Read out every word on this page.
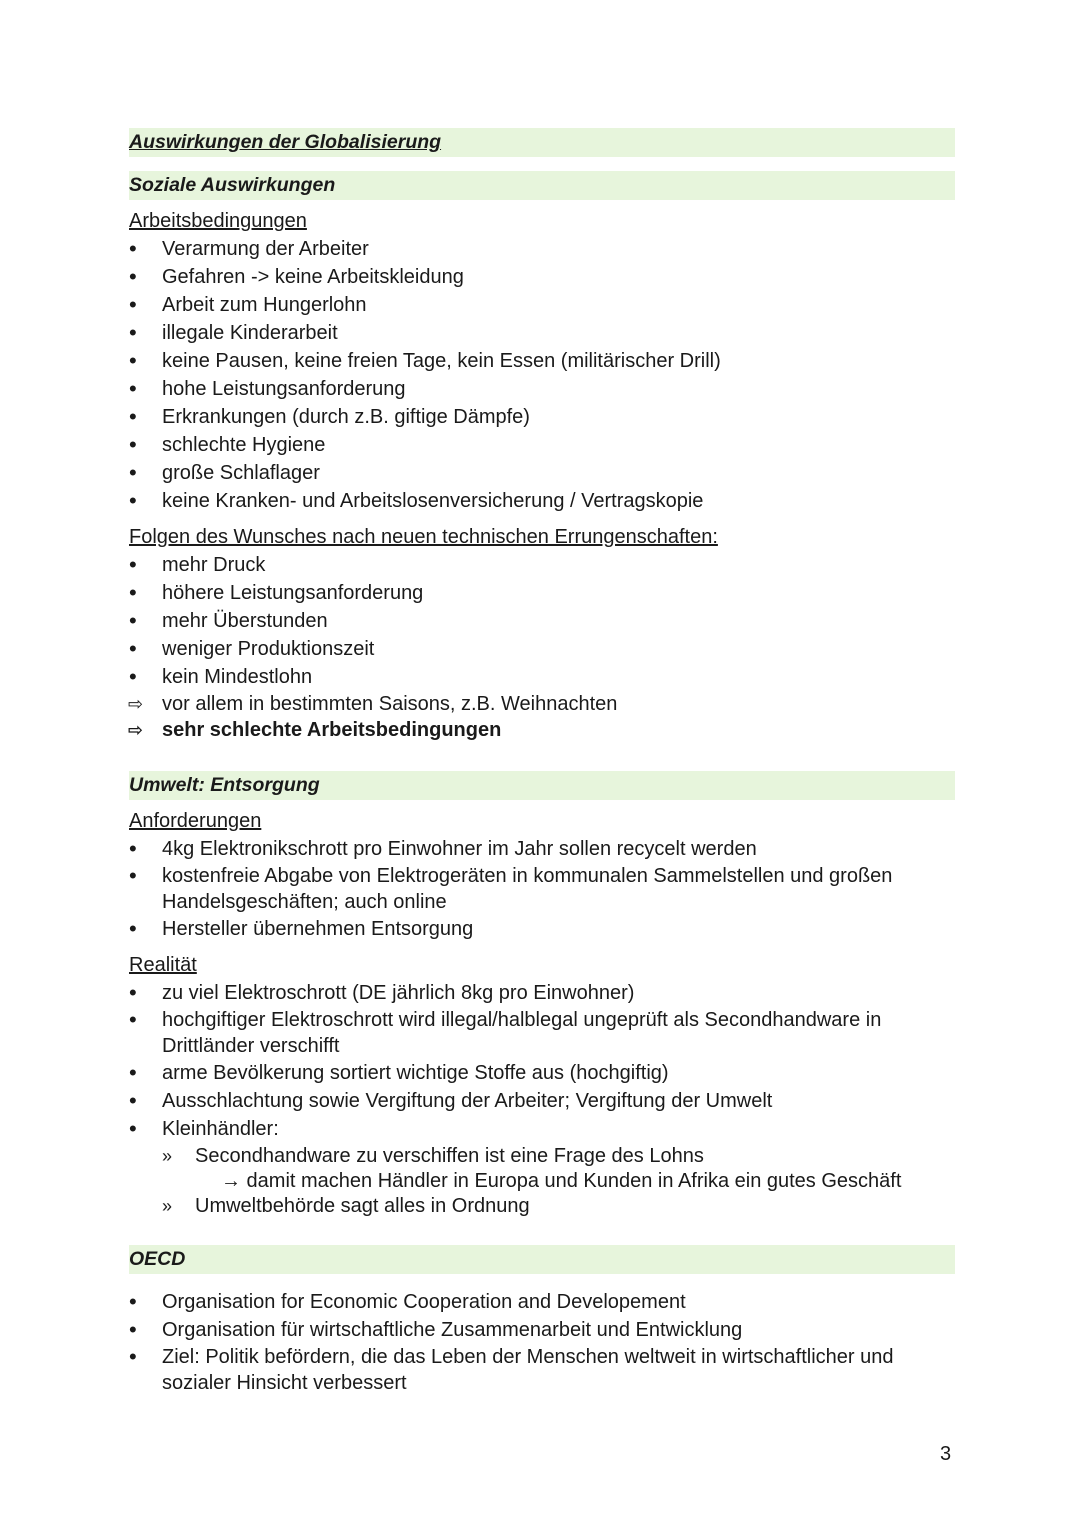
Auswirkungen der Globalisierung
Soziale Auswirkungen
Arbeitsbedingungen
• Verarmung der Arbeiter
• Gefahren -> keine Arbeitskleidung
• Arbeit zum Hungerlohn
• illegale Kinderarbeit
• keine Pausen, keine freien Tage, kein Essen (militärischer Drill)
• hohe Leistungsanforderung
• Erkrankungen (durch z.B. giftige Dämpfe)
• schlechte Hygiene
• große Schlaflager
• keine Kranken- und Arbeitslosenversicherung / Vertragskopie
Folgen des Wunsches nach neuen technischen Errungenschaften:
• mehr Druck
• höhere Leistungsanforderung
• mehr Überstunden
• weniger Produktionszeit
• kein Mindestlohn
⇨ vor allem in bestimmten Saisons, z.B. Weihnachten
⇨ sehr schlechte Arbeitsbedingungen
Umwelt: Entsorgung
Anforderungen
• 4kg Elektronikschrott pro Einwohner im Jahr sollen recycelt werden
• kostenfreie Abgabe von Elektrogeräten in kommunalen Sammelstellen und großen Handelsgeschäften; auch online
• Hersteller übernehmen Entsorgung
Realität
• zu viel Elektroschrott (DE jährlich 8kg pro Einwohner)
• hochgiftiger Elektroschrott wird illegal/halblegal ungeprüft als Secondhandware in Drittländer verschifft
• arme Bevölkerung sortiert wichtige Stoffe aus (hochgiftig)
• Ausschlachtung sowie Vergiftung der Arbeiter; Vergiftung der Umwelt
• Kleinhändler:
» Secondhandware zu verschiffen ist eine Frage des Lohns
→ damit machen Händler in Europa und Kunden in Afrika ein gutes Geschäft
» Umweltbehörde sagt alles in Ordnung
OECD
• Organisation for Economic Cooperation and Developement
• Organisation für wirtschaftliche Zusammenarbeit und Entwicklung
• Ziel: Politik befördern, die das Leben der Menschen weltweit in wirtschaftlicher und sozialer Hinsicht verbessert
3
